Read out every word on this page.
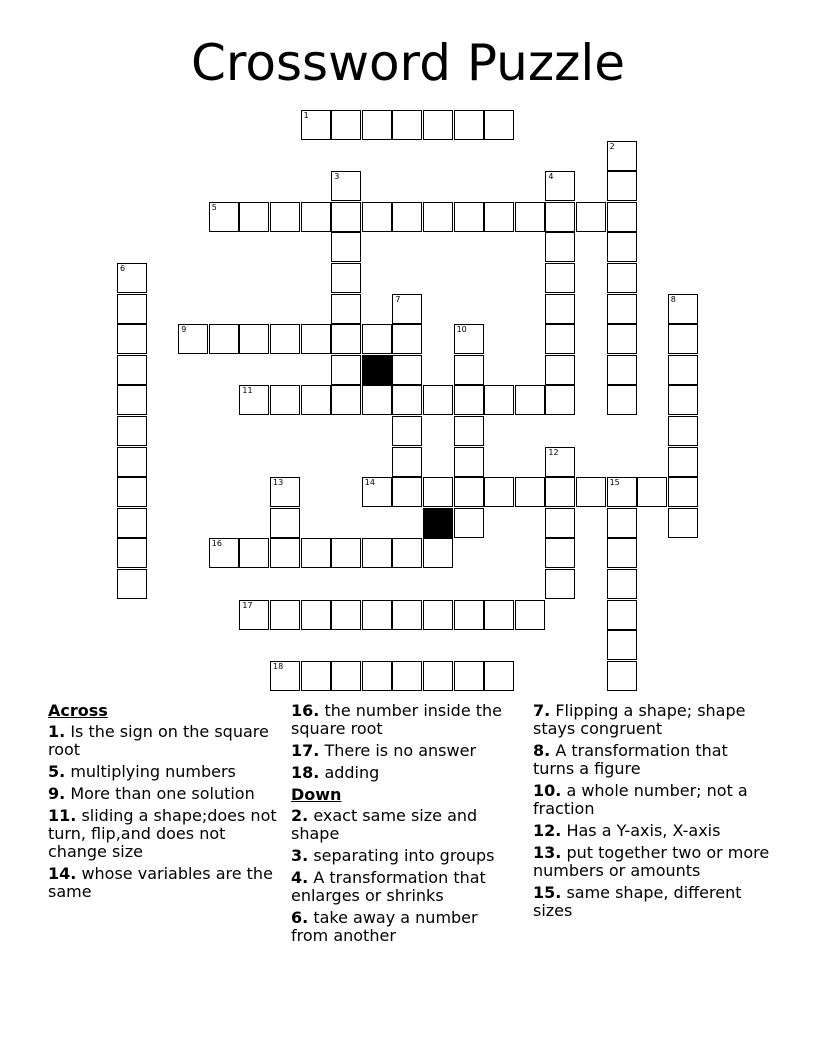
Crossword Puzzle
1
5
9
11
14	15
16
17
18
2
3	4
6
7	8
10
12
13
Across
1. Is the sign on the square root
5. multiplying numbers
9. More than one solution
11. sliding a shape;does not turn, flip,and does not change size
14. whose variables are the same
16. the number inside the square root
17. There is no answer
18. adding
Down
2. exact same size and shape
3. separating into groups
4. A transformation that enlarges or shrinks
6. take away a number from another
7. Flipping a shape; shape stays congruent
8. A transformation that turns a figure
10. a whole number; not a fraction
12. Has a Y-axis, X-axis
13. put together two or more numbers or amounts
15. same shape, different sizes
